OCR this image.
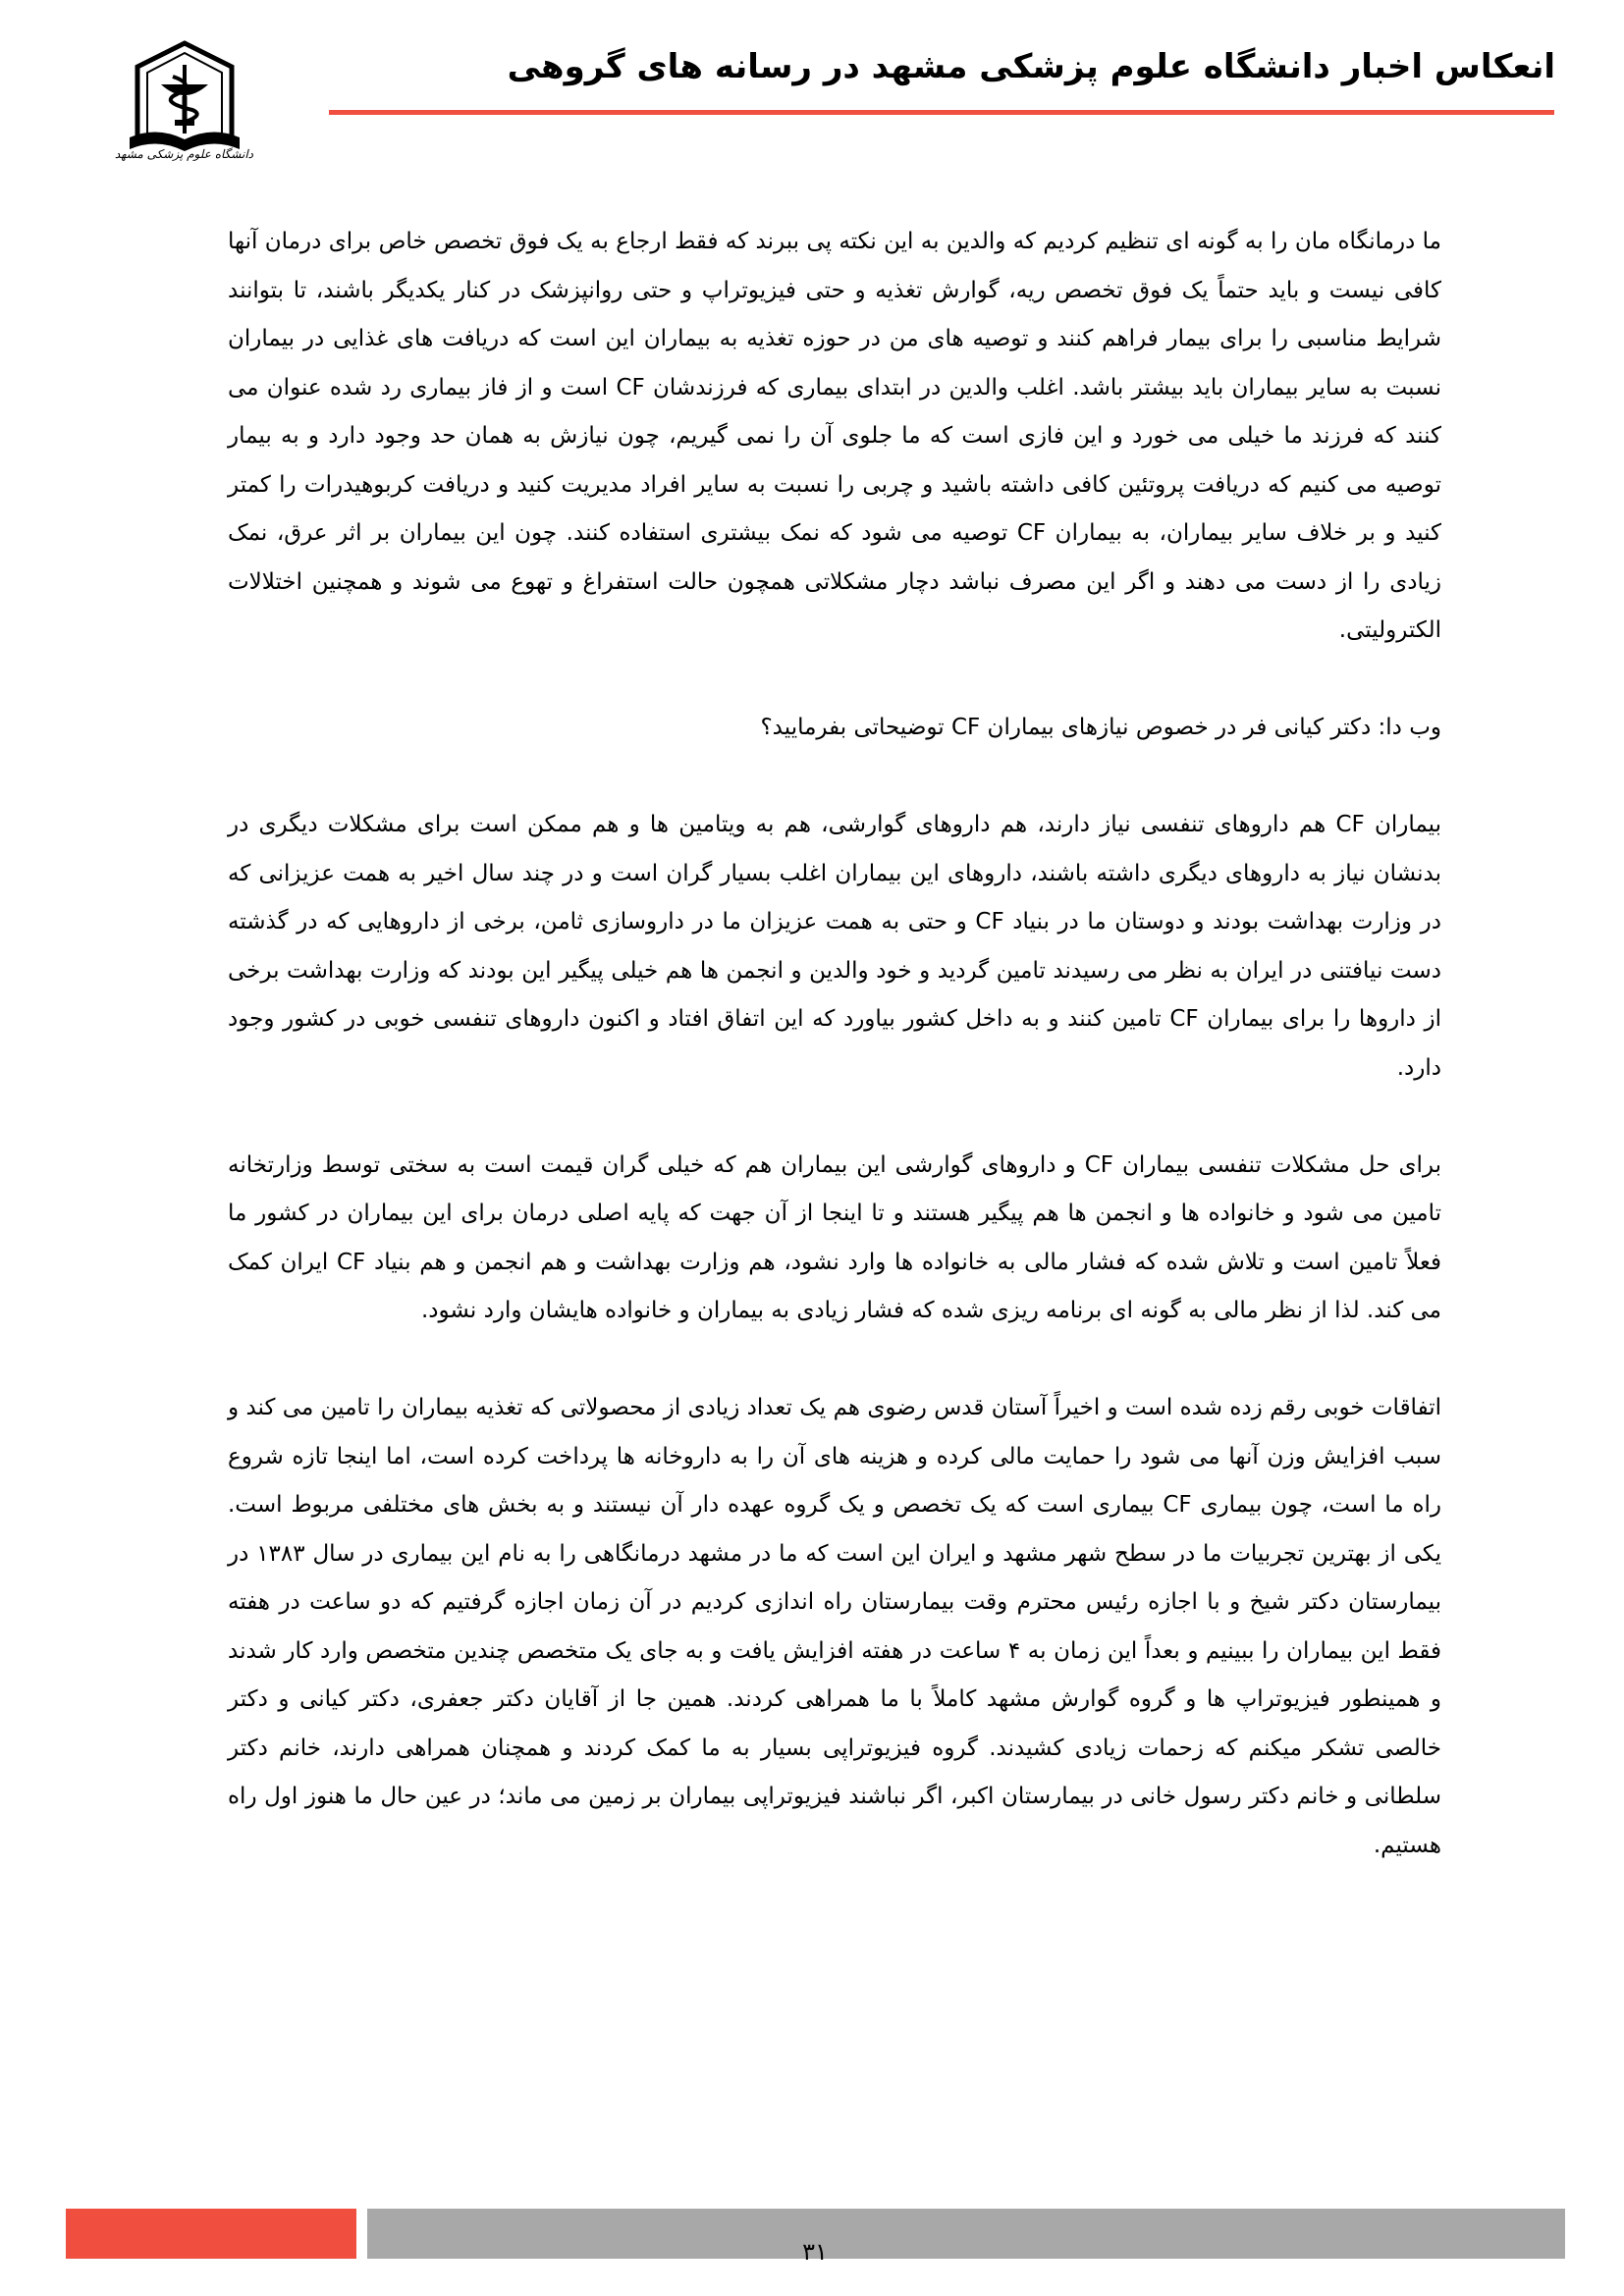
دانشگاه علوم پزشکی مشهد
انعکاس اخبار دانشگاه علوم پزشکی مشهد در رسانه های گروهی

ما درمانگاه مان را به گونه ای تنظیم کردیم که والدین به این نکته پی ببرند که فقط ارجاع به یک فوق تخصص خاص برای درمان آنها کافی نیست و باید حتماً یک فوق تخصص ریه، گوارش تغذیه و حتی فیزیوتراپ و حتی روانپزشک در کنار یکدیگر باشند، تا بتوانند شرایط مناسبی را برای بیمار فراهم کنند و توصیه های من در حوزه تغذیه به بیماران این است که دریافت های غذایی در بیماران نسبت به سایر بیماران باید بیشتر باشد. اغلب والدین در ابتدای بیماری که فرزندشان CF است و از فاز بیماری رد شده عنوان می کنند که فرزند ما خیلی می خورد و این فازی است که ما جلوی آن را نمی گیریم، چون نیازش به همان حد وجود دارد و به بیمار توصیه می کنیم که دریافت پروتئین کافی داشته باشید و چربی را نسبت به سایر افراد مدیریت کنید و دریافت کربوهیدرات را کمتر کنید و بر خلاف سایر بیماران، به بیماران CF توصیه می شود که نمک بیشتری استفاده کنند. چون این بیماران بر اثر عرق، نمک زیادی را از دست می دهند و اگر این مصرف نباشد دچار مشکلاتی همچون حالت استفراغ و تهوع می شوند و همچنین اختلالات الکترولیتی.

وب دا: دکتر کیانی فر در خصوص نیازهای بیماران CF توضیحاتی بفرمایید؟

بیماران CF هم داروهای تنفسی نیاز دارند، هم داروهای گوارشی، هم به ویتامین ها و هم ممکن است برای مشکلات دیگری در بدنشان نیاز به داروهای دیگری داشته باشند، داروهای این بیماران اغلب بسیار گران است و در چند سال اخیر به همت عزیزانی که در وزارت بهداشت بودند و دوستان ما در بنیاد CF و حتی به همت عزیزان ما در داروسازی ثامن، برخی از داروهایی که در گذشته دست نیافتنی در ایران به نظر می رسیدند تامین گردید و خود والدین و انجمن ها هم خیلی پیگیر این بودند که وزارت بهداشت برخی از داروها را برای بیماران CF تامین کنند و به داخل کشور بیاورد که این اتفاق افتاد و اکنون داروهای تنفسی خوبی در کشور وجود دارد.

برای حل مشکلات تنفسی بیماران CF و داروهای گوارشی این بیماران هم که خیلی گران قیمت است به سختی توسط وزارتخانه تامین می شود و خانواده ها و انجمن ها هم پیگیر هستند و تا اینجا از آن جهت که پایه اصلی درمان برای این بیماران در کشور ما فعلاً تامین است و تلاش شده که فشار مالی به خانواده ها وارد نشود، هم وزارت بهداشت و هم انجمن و هم بنیاد CF ایران کمک می کند. لذا از نظر مالی به گونه ای برنامه ریزی شده که فشار زیادی به بیماران و خانواده هایشان وارد نشود.

اتفاقات خوبی رقم زده شده است و اخیراً آستان قدس رضوی هم یک تعداد زیادی از محصولاتی که تغذیه بیماران را تامین می کند و سبب افزایش وزن آنها می شود را حمایت مالی کرده و هزینه های آن را به داروخانه ها پرداخت کرده است، اما اینجا تازه شروع راه ما است، چون بیماری CF بیماری است که یک تخصص و یک گروه عهده دار آن نیستند و به بخش های مختلفی مربوط است. یکی از بهترین تجربیات ما در سطح شهر مشهد و ایران این است که ما در مشهد درمانگاهی را به نام این بیماری در سال ۱۳۸۳ در بیمارستان دکتر شیخ و با اجازه رئیس محترم وقت بیمارستان راه اندازی کردیم در آن زمان اجازه گرفتیم که دو ساعت در هفته فقط این بیماران را ببینیم و بعداً این زمان به ۴ ساعت در هفته افزایش یافت و به جای یک متخصص چندین متخصص وارد کار شدند و همینطور فیزیوتراپ ها و گروه گوارش مشهد کاملاً با ما همراهی کردند. همین جا از آقایان دکتر جعفری، دکتر کیانی و دکتر خالصی تشکر میکنم که زحمات زیادی کشیدند. گروه فیزیوتراپی بسیار به ما کمک کردند و همچنان همراهی دارند، خانم دکتر سلطانی و خانم دکتر رسول خانی در بیمارستان اکبر، اگر نباشند فیزیوتراپی بیماران بر زمین می ماند؛ در عین حال ما هنوز اول راه هستیم.

۳۱
